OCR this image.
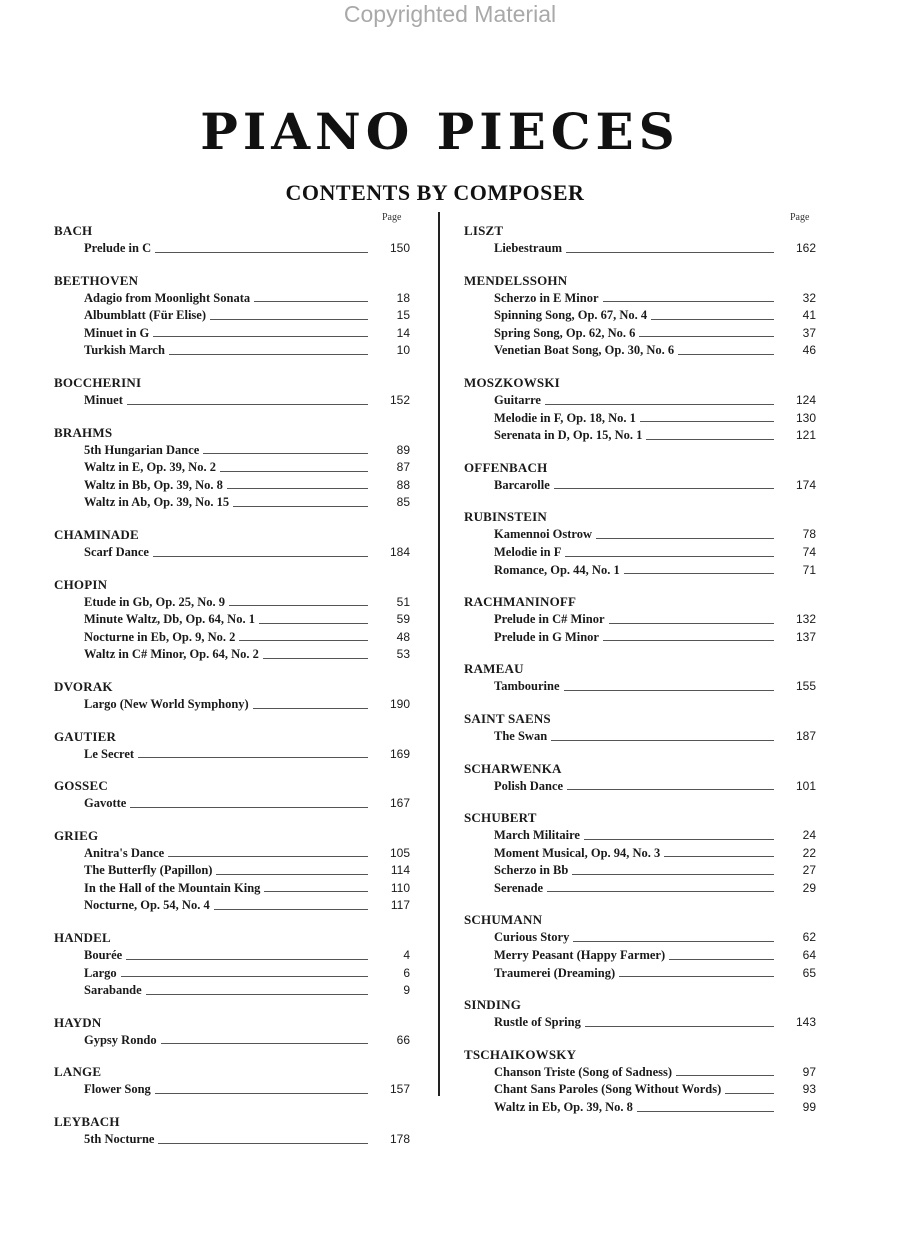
Copyrighted Material
PIANO PIECES
CONTENTS BY COMPOSER
Page	Page
BACH
Prelude in C	150
BEETHOVEN
Adagio from Moonlight Sonata	18
Albumblatt (Für Elise)	15
Minuet in G	14
Turkish March	10
BOCCHERINI
Minuet	152
BRAHMS
5th Hungarian Dance	89
Waltz in E, Op. 39, No. 2	87
Waltz in Bb, Op. 39, No. 8	88
Waltz in Ab, Op. 39, No. 15	85
CHAMINADE
Scarf Dance	184
CHOPIN
Etude in Gb, Op. 25, No. 9	51
Minute Waltz, Db, Op. 64, No. 1	59
Nocturne in Eb, Op. 9, No. 2	48
Waltz in C# Minor, Op. 64, No. 2	53
DVORAK
Largo (New World Symphony)	190
GAUTIER
Le Secret	169
GOSSEC
Gavotte	167
GRIEG
Anitra's Dance	105
The Butterfly (Papillon)	114
In the Hall of the Mountain King	110
Nocturne, Op. 54, No. 4	117
HANDEL
Bourée	4
Largo	6
Sarabande	9
HAYDN
Gypsy Rondo	66
LANGE
Flower Song	157
LEYBACH
5th Nocturne	178
LISZT
Liebestraum	162
MENDELSSOHN
Scherzo in E Minor	32
Spinning Song, Op. 67, No. 4	41
Spring Song, Op. 62, No. 6	37
Venetian Boat Song, Op. 30, No. 6	46
MOSZKOWSKI
Guitarre	124
Melodie in F, Op. 18, No. 1	130
Serenata in D, Op. 15, No. 1	121
OFFENBACH
Barcarolle	174
RUBINSTEIN
Kamennoi Ostrow	78
Melodie in F	74
Romance, Op. 44, No. 1	71
RACHMANINOFF
Prelude in C# Minor	132
Prelude in G Minor	137
RAMEAU
Tambourine	155
SAINT SAENS
The Swan	187
SCHARWENKA
Polish Dance	101
SCHUBERT
March Militaire	24
Moment Musical, Op. 94, No. 3	22
Scherzo in Bb	27
Serenade	29
SCHUMANN
Curious Story	62
Merry Peasant (Happy Farmer)	64
Traumerei (Dreaming)	65
SINDING
Rustle of Spring	143
TSCHAIKOWSKY
Chanson Triste (Song of Sadness)	97
Chant Sans Paroles (Song Without Words)	93
Waltz in Eb, Op. 39, No. 8	99
